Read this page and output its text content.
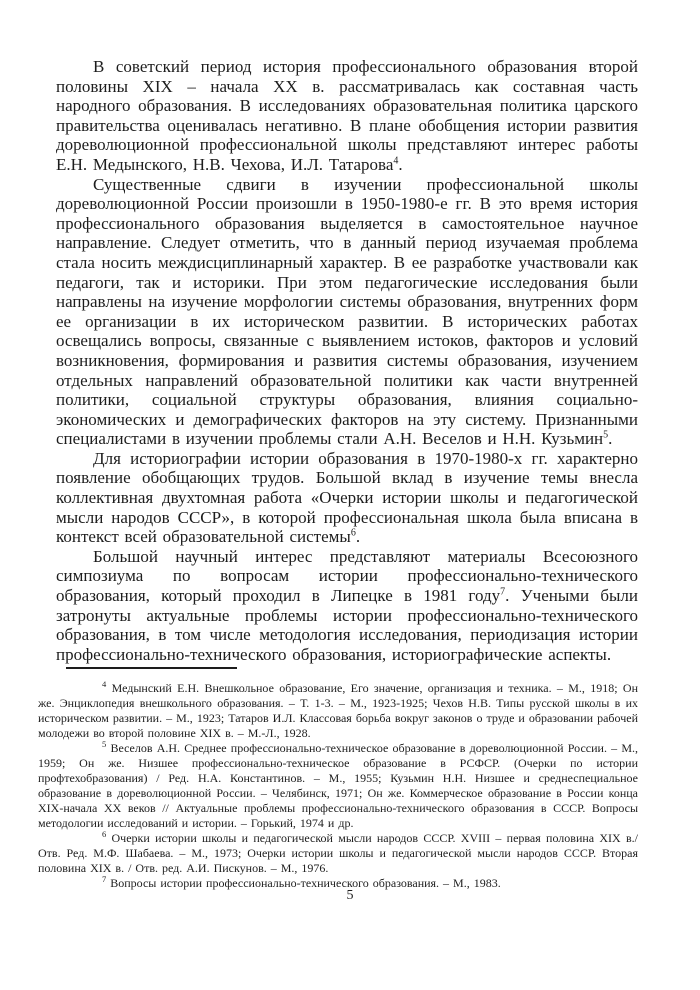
В советский период история профессионального образования второй половины XIX – начала XX в. рассматривалась как составная часть народного образования. В исследованиях образовательная политика царского правительства оценивалась негативно. В плане обобщения истории развития дореволюционной профессиональной школы представляют интерес работы Е.Н. Медынского, Н.В. Чехова, И.Л. Татарова$^4$.

Существенные сдвиги в изучении профессиональной школы дореволюционной России произошли в 1950-1980-е гг. В это время история профессионального образования выделяется в самостоятельное научное направление. Следует отметить, что в данный период изучаемая проблема стала носить междисциплинарный характер. В ее разработке участвовали как педагоги, так и историки. При этом педагогические исследования были направлены на изучение морфологии системы образования, внутренних форм ее организации в их историческом развитии. В исторических работах освещались вопросы, связанные с выявлением истоков, факторов и условий возникновения, формирования и развития системы образования, изучением отдельных направлений образовательной политики как части внутренней политики, социальной структуры образования, влияния социально-экономических и демографических факторов на эту систему. Признанными специалистами в изучении проблемы стали А.Н. Веселов и Н.Н. Кузьмин$^5$.

Для историографии истории образования в 1970-1980-х гг. характерно появление обобщающих трудов. Большой вклад в изучение темы внесла коллективная двухтомная работа «Очерки истории школы и педагогической мысли народов СССР», в которой профессиональная школа была вписана в контекст всей образовательной системы$^6$.

Большой научный интерес представляют материалы Всесоюзного симпозиума по вопросам истории профессионально-технического образования, который проходил в Липецке в 1981 году$^7$. Учеными были затронуты актуальные проблемы истории профессионально-технического образования, в том числе методология исследования, периодизация истории профессионально-технического образования, историографические аспекты.

$^4$ Медынский Е.Н. Внешкольное образование, Его значение, организация и техника. – М., 1918; Он же. Энциклопедия внешкольного образования. – Т. 1-3. – М., 1923-1925; Чехов Н.В. Типы русской школы в их историческом развитии. – М., 1923; Татаров И.Л. Классовая борьба вокруг законов о труде и образовании рабочей молодежи во второй половине XIX в. – М.-Л., 1928.

$^5$ Веселов А.Н. Среднее профессионально-техническое образование в дореволюционной России. – М., 1959; Он же. Низшее профессионально-техническое образование в РСФСР. (Очерки по истории профтехобразования) / Ред. Н.А. Константинов. – М., 1955; Кузьмин Н.Н. Низшее и среднеспециальное образование в дореволюционной России. – Челябинск, 1971; Он же. Коммерческое образование в России конца XIX-начала XX веков // Актуальные проблемы профессионально-технического образования в СССР. Вопросы методологии исследований и истории. – Горький, 1974 и др.

$^6$ Очерки истории школы и педагогической мысли народов СССР. XVIII – первая половина XIX в./Отв. Ред. М.Ф. Шабаева. – М., 1973; Очерки истории школы и педагогической мысли народов СССР. Вторая половина XIX в. / Отв. ред. А.И. Пискунов. – М., 1976.

$^7$ Вопросы истории профессионально-технического образования. – М., 1983.

5
